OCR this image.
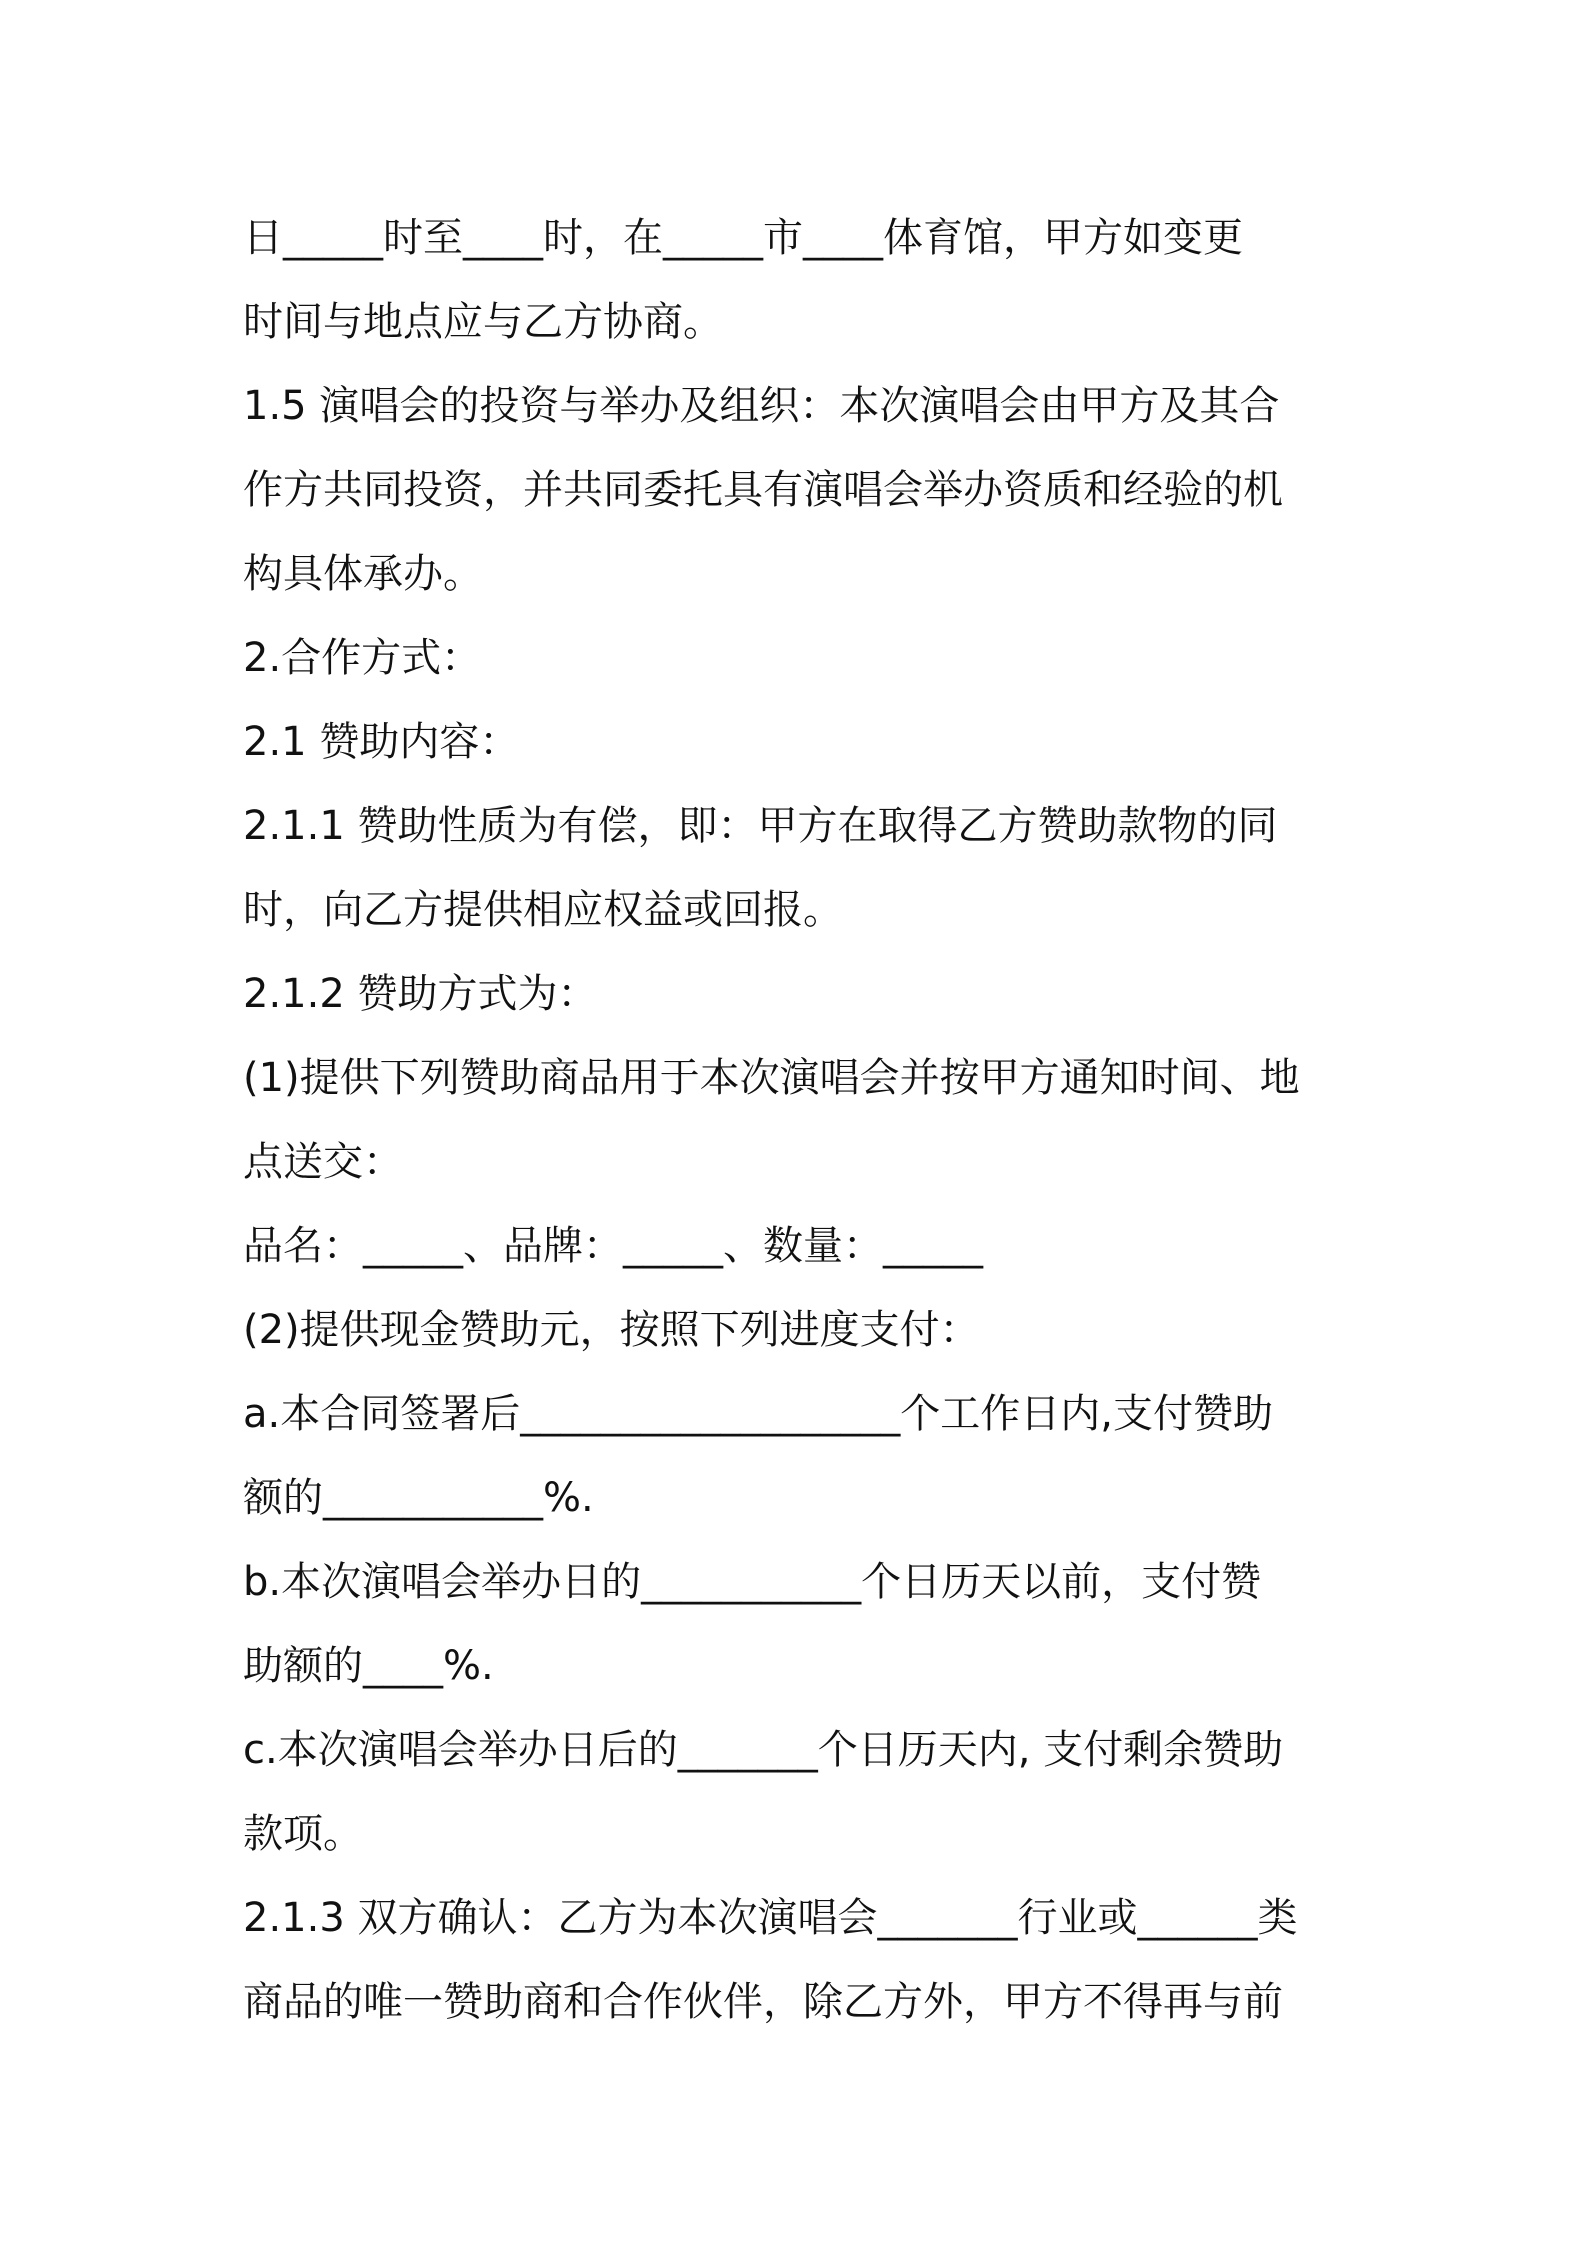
日_____时至____时，在_____市____体育馆，甲方如变更
时间与地点应与乙方协商。
1.5 演唱会的投资与举办及组织：本次演唱会由甲方及其合
作方共同投资，并共同委托具有演唱会举办资质和经验的机
构具体承办。
2.合作方式：
2.1 赞助内容：
2.1.1 赞助性质为有偿，即：甲方在取得乙方赞助款物的同
时，向乙方提供相应权益或回报。
2.1.2 赞助方式为：
(1)提供下列赞助商品用于本次演唱会并按甲方通知时间、地
点送交：
品名：_____、品牌：_____、数量：_____
(2)提供现金赞助元，按照下列进度支付：
a.本合同签署后___________________个工作日内,支付赞助
额的___________%.
b.本次演唱会举办日的___________个日历天以前，支付赞
助额的____%.
c.本次演唱会举办日后的_______个日历天内, 支付剩余赞助
款项。
2.1.3 双方确认：乙方为本次演唱会_______行业或______类
商品的唯一赞助商和合作伙伴，除乙方外，甲方不得再与前
